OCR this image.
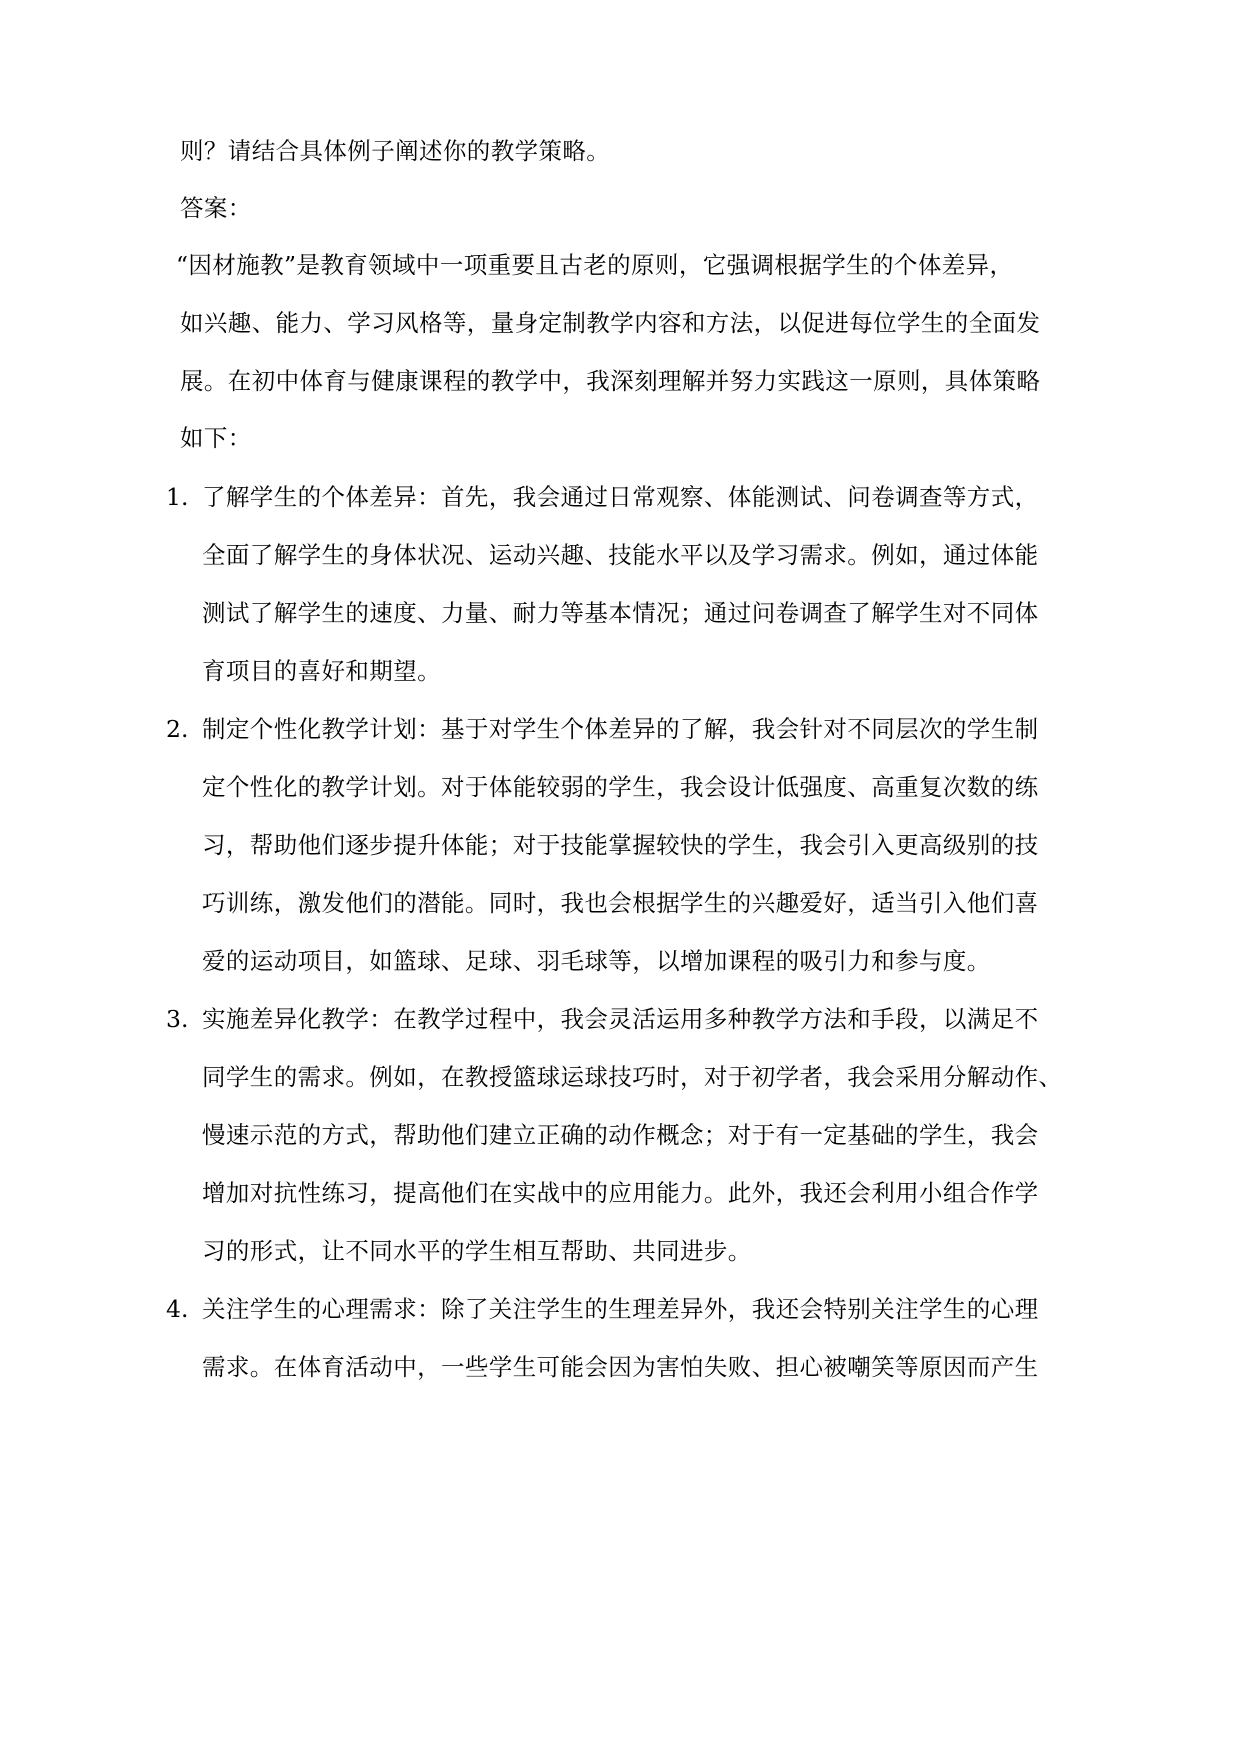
则？请结合具体例子阐述你的教学策略。
答案：
“因材施教”是教育领域中一项重要且古老的原则，它强调根据学生的个体差异，
如兴趣、能力、学习风格等，量身定制教学内容和方法，以促进每位学生的全面发
展。在初中体育与健康课程的教学中，我深刻理解并努力实践这一原则，具体策略
如下：
1. 了解学生的个体差异：首先，我会通过日常观察、体能测试、问卷调查等方式，
全面了解学生的身体状况、运动兴趣、技能水平以及学习需求。例如，通过体能
测试了解学生的速度、力量、耐力等基本情况；通过问卷调查了解学生对不同体
育项目的喜好和期望。
2. 制定个性化教学计划：基于对学生个体差异的了解，我会针对不同层次的学生制
定个性化的教学计划。对于体能较弱的学生，我会设计低强度、高重复次数的练
习，帮助他们逐步提升体能；对于技能掌握较快的学生，我会引入更高级别的技
巧训练，激发他们的潜能。同时，我也会根据学生的兴趣爱好，适当引入他们喜
爱的运动项目，如篮球、足球、羽毛球等，以增加课程的吸引力和参与度。
3. 实施差异化教学：在教学过程中，我会灵活运用多种教学方法和手段，以满足不
同学生的需求。例如，在教授篮球运球技巧时，对于初学者，我会采用分解动作、
慢速示范的方式，帮助他们建立正确的动作概念；对于有一定基础的学生，我会
增加对抗性练习，提高他们在实战中的应用能力。此外，我还会利用小组合作学
习的形式，让不同水平的学生相互帮助、共同进步。
4. 关注学生的心理需求：除了关注学生的生理差异外，我还会特别关注学生的心理
需求。在体育活动中，一些学生可能会因为害怕失败、担心被嘲笑等原因而产生
